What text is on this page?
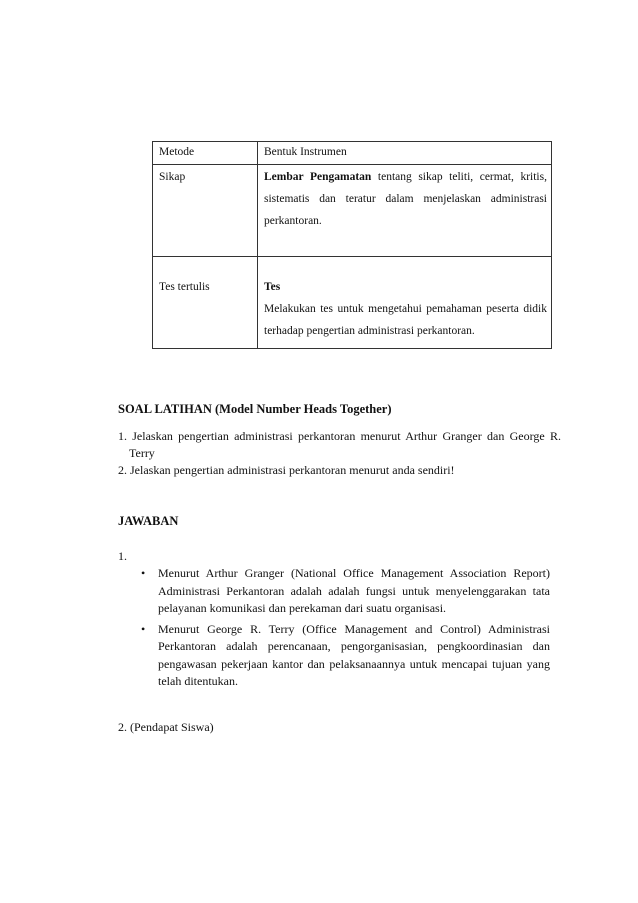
Metode	Bentuk Instrumen

Sikap	Lembar Pengamatan tentang sikap teliti, cermat, kritis, sistematis dan teratur dalam menjelaskan administrasi perkantoran.

Tes tertulis	Tes
Melakukan tes untuk mengetahui pemahaman peserta didik terhadap pengertian administrasi perkantoran.
SOAL LATIHAN (Model Number Heads Together)
1. Jelaskan pengertian administrasi perkantoran menurut Arthur Granger dan George R. Terry
2. Jelaskan pengertian administrasi perkantoran menurut anda sendiri!
JAWABAN
1.
• Menurut Arthur Granger (National Office Management Association Report) Administrasi Perkantoran adalah adalah fungsi untuk menyelenggarakan tata pelayanan komunikasi dan perekaman dari suatu organisasi.
• Menurut George R. Terry (Office Management and Control) Administrasi Perkantoran adalah perencanaan, pengorganisasian, pengkoordinasian dan pengawasan pekerjaan kantor dan pelaksanaannya untuk mencapai tujuan yang telah ditentukan.
2. (Pendapat Siswa)
